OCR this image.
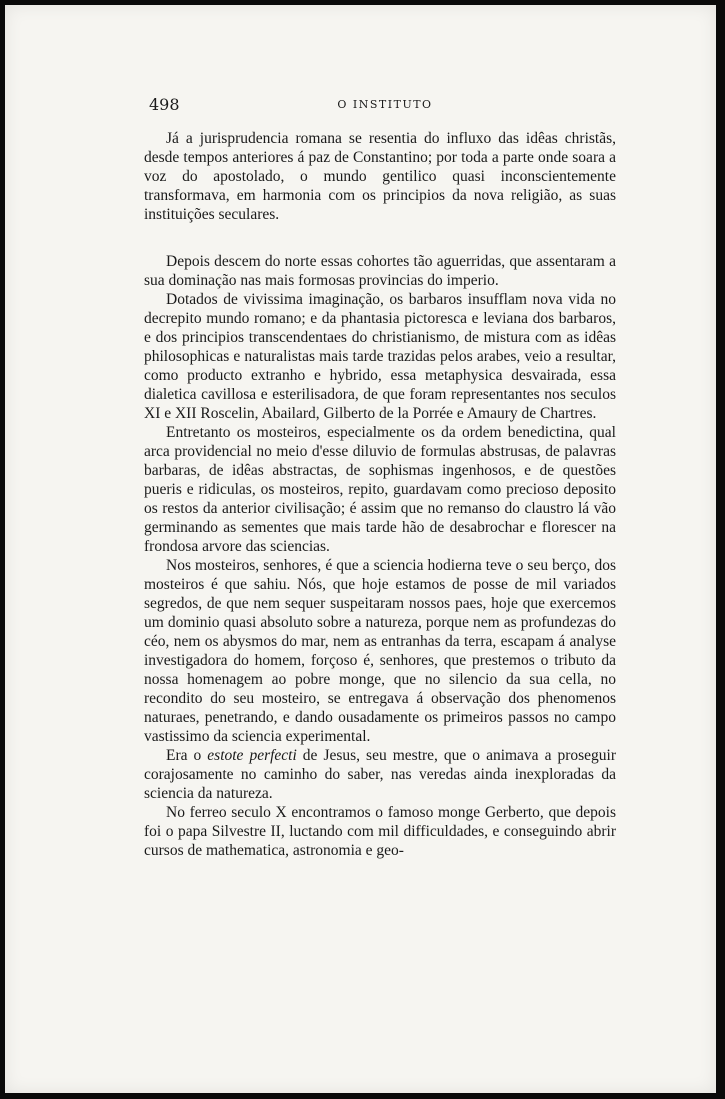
498	O INSTITUTO

Já a jurisprudencia romana se resentia do influxo das idêas christãs, desde tempos anteriores á paz de Constantino; por toda a parte onde soara a voz do apostolado, o mundo gentilico quasi inconscientemente transformava, em harmonia com os principios da nova religião, as suas instituições seculares.

Depois descem do norte essas cohortes tão aguerridas, que assentaram a sua dominação nas mais formosas provincias do imperio.

Dotados de vivissima imaginação, os barbaros insufflam nova vida no decrepito mundo romano; e da phantasia pictoresca e leviana dos barbaros, e dos principios transcendentaes do christianismo, de mistura com as idêas philosophicas e naturalistas mais tarde trazidas pelos arabes, veio a resultar, como producto extranho e hybrido, essa metaphysica desvairada, essa dialetica cavillosa e esterilisadora, de que foram representantes nos seculos XI e XII Roscelin, Abailard, Gilberto de la Porrée e Amaury de Chartres.

Entretanto os mosteiros, especialmente os da ordem benedictina, qual arca providencial no meio d'esse diluvio de formulas abstrusas, de palavras barbaras, de idêas abstractas, de sophismas ingenhosos, e de questões pueris e ridiculas, os mosteiros, repito, guardavam como precioso deposito os restos da anterior civilisação; é assim que no remanso do claustro lá vão germinando as sementes que mais tarde hão de desabrochar e florescer na frondosa arvore das sciencias.

Nos mosteiros, senhores, é que a sciencia hodierna teve o seu berço, dos mosteiros é que sahiu. Nós, que hoje estamos de posse de mil variados segredos, de que nem sequer suspeitaram nossos paes, hoje que exercemos um dominio quasi absoluto sobre a natureza, porque nem as profundezas do céo, nem os abysmos do mar, nem as entranhas da terra, escapam á analyse investigadora do homem, forçoso é, senhores, que prestemos o tributo da nossa homenagem ao pobre monge, que no silencio da sua cella, no recondito do seu mosteiro, se entregava á observação dos phenomenos naturaes, penetrando, e dando ousadamente os primeiros passos no campo vastissimo da sciencia experimental.

Era o estote perfecti de Jesus, seu mestre, que o animava a proseguir corajosamente no caminho do saber, nas veredas ainda inexploradas da sciencia da natureza.

No ferreo seculo X encontramos o famoso monge Gerberto, que depois foi o papa Silvestre II, luctando com mil difficuldades, e conseguindo abrir cursos de mathematica, astronomia e geo-
